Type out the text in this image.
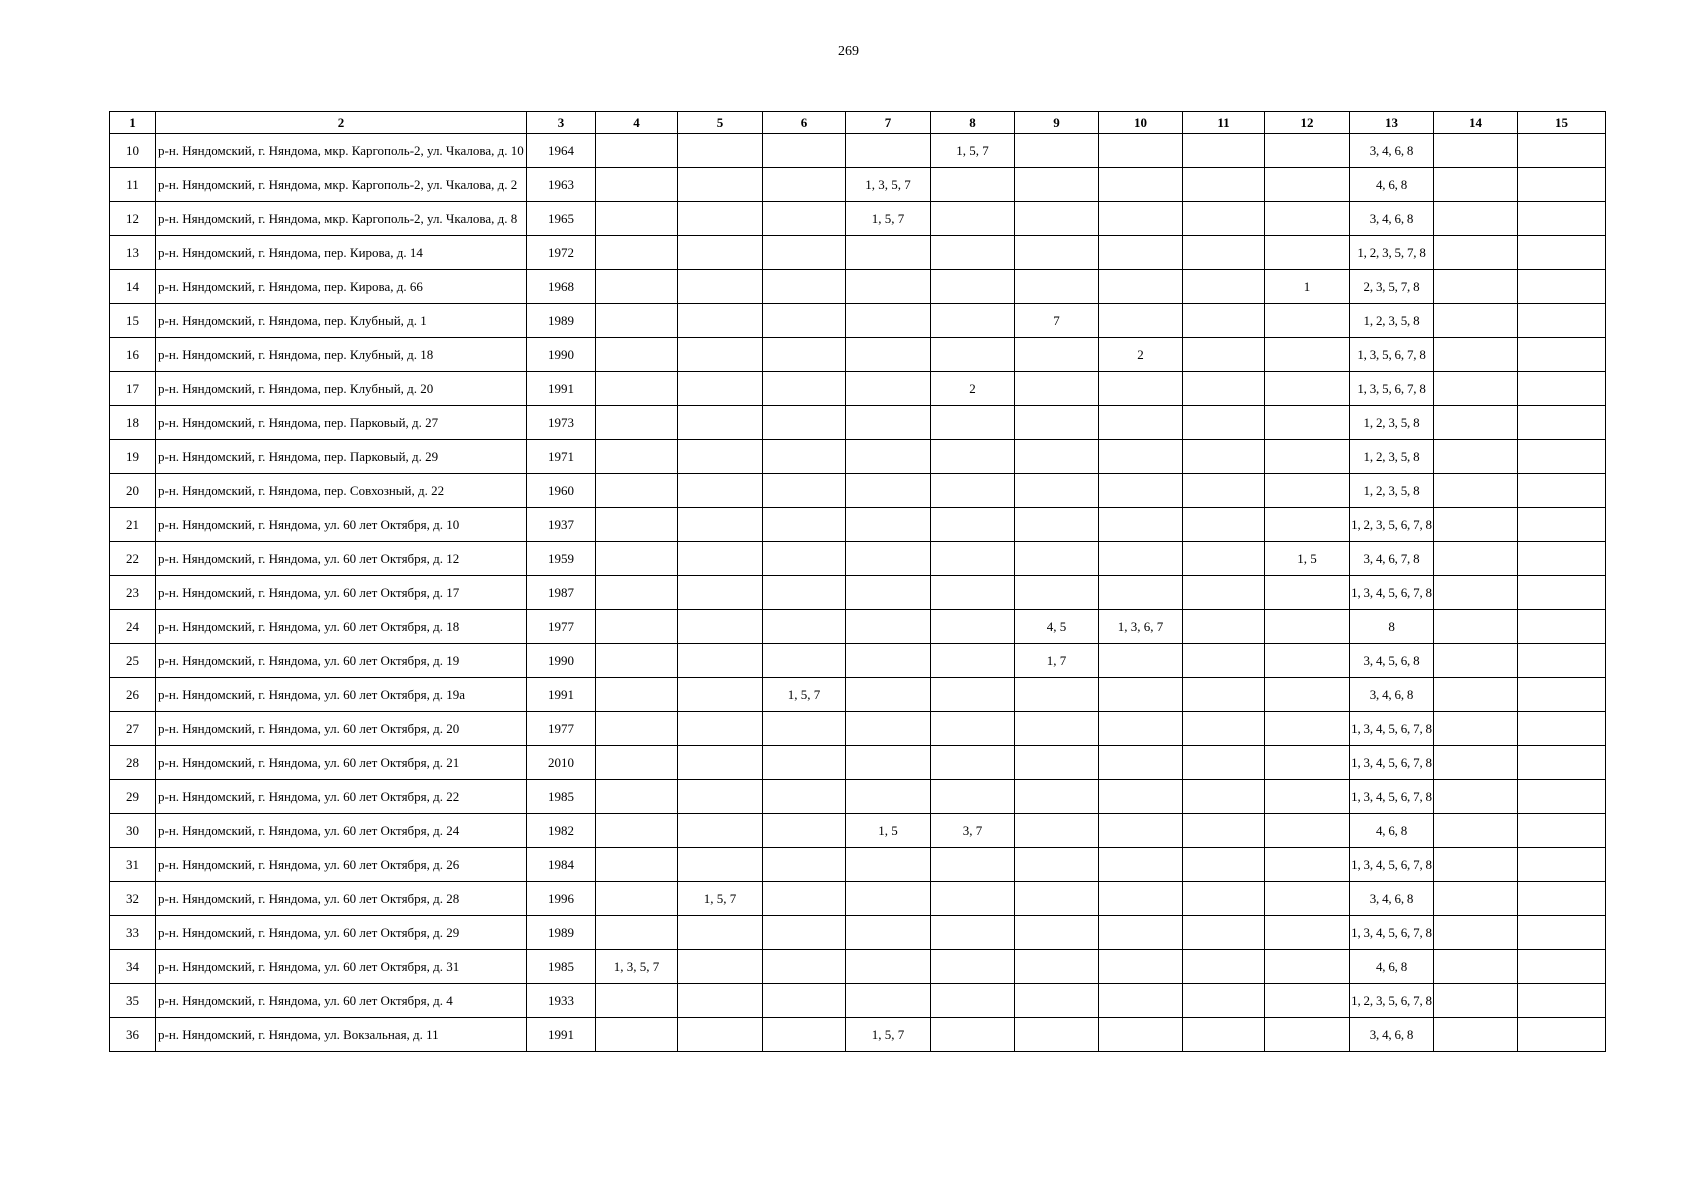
269
1	2	3	4	5	6	7	8	9	10	11	12	13	14	15
10	р-н. Няндомский, г. Няндома, мкр. Каргополь-2, ул. Чкалова, д. 10	1964					1, 5, 7					3, 4, 6, 8		
11	р-н. Няндомский, г. Няндома, мкр. Каргополь-2, ул. Чкалова, д. 2	1963				1, 3, 5, 7						4, 6, 8		
12	р-н. Няндомский, г. Няндома, мкр. Каргополь-2, ул. Чкалова, д. 8	1965				1, 5, 7						3, 4, 6, 8		
13	р-н. Няндомский, г. Няндома, пер. Кирова, д. 14	1972										1, 2, 3, 5, 7, 8		
14	р-н. Няндомский, г. Няндома, пер. Кирова, д. 66	1968									1	2, 3, 5, 7, 8		
15	р-н. Няндомский, г. Няндома, пер. Клубный, д. 1	1989						7				1, 2, 3, 5, 8		
16	р-н. Няндомский, г. Няндома, пер. Клубный, д. 18	1990							2			1, 3, 5, 6, 7, 8		
17	р-н. Няндомский, г. Няндома, пер. Клубный, д. 20	1991					2					1, 3, 5, 6, 7, 8		
18	р-н. Няндомский, г. Няндома, пер. Парковый, д. 27	1973										1, 2, 3, 5, 8		
19	р-н. Няндомский, г. Няндома, пер. Парковый, д. 29	1971										1, 2, 3, 5, 8		
20	р-н. Няндомский, г. Няндома, пер. Совхозный, д. 22	1960										1, 2, 3, 5, 8		
21	р-н. Няндомский, г. Няндома, ул. 60 лет Октября, д. 10	1937										1, 2, 3, 5, 6, 7, 8		
22	р-н. Няндомский, г. Няндома, ул. 60 лет Октября, д. 12	1959									1, 5	3, 4, 6, 7, 8		
23	р-н. Няндомский, г. Няндома, ул. 60 лет Октября, д. 17	1987										1, 3, 4, 5, 6, 7, 8		
24	р-н. Няндомский, г. Няндома, ул. 60 лет Октября, д. 18	1977						4, 5	1, 3, 6, 7			8		
25	р-н. Няндомский, г. Няндома, ул. 60 лет Октября, д. 19	1990						1, 7				3, 4, 5, 6, 8		
26	р-н. Няндомский, г. Няндома, ул. 60 лет Октября, д. 19а	1991			1, 5, 7							3, 4, 6, 8		
27	р-н. Няндомский, г. Няндома, ул. 60 лет Октября, д. 20	1977										1, 3, 4, 5, 6, 7, 8		
28	р-н. Няндомский, г. Няндома, ул. 60 лет Октября, д. 21	2010										1, 3, 4, 5, 6, 7, 8		
29	р-н. Няндомский, г. Няндома, ул. 60 лет Октября, д. 22	1985										1, 3, 4, 5, 6, 7, 8		
30	р-н. Няндомский, г. Няндома, ул. 60 лет Октября, д. 24	1982				1, 5	3, 7					4, 6, 8		
31	р-н. Няндомский, г. Няндома, ул. 60 лет Октября, д. 26	1984										1, 3, 4, 5, 6, 7, 8		
32	р-н. Няндомский, г. Няндома, ул. 60 лет Октября, д. 28	1996		1, 5, 7								3, 4, 6, 8		
33	р-н. Няндомский, г. Няндома, ул. 60 лет Октября, д. 29	1989										1, 3, 4, 5, 6, 7, 8		
34	р-н. Няндомский, г. Няндома, ул. 60 лет Октября, д. 31	1985	1, 3, 5, 7									4, 6, 8		
35	р-н. Няндомский, г. Няндома, ул. 60 лет Октября, д. 4	1933										1, 2, 3, 5, 6, 7, 8		
36	р-н. Няндомский, г. Няндома, ул. Вокзальная, д. 11	1991				1, 5, 7						3, 4, 6, 8		
